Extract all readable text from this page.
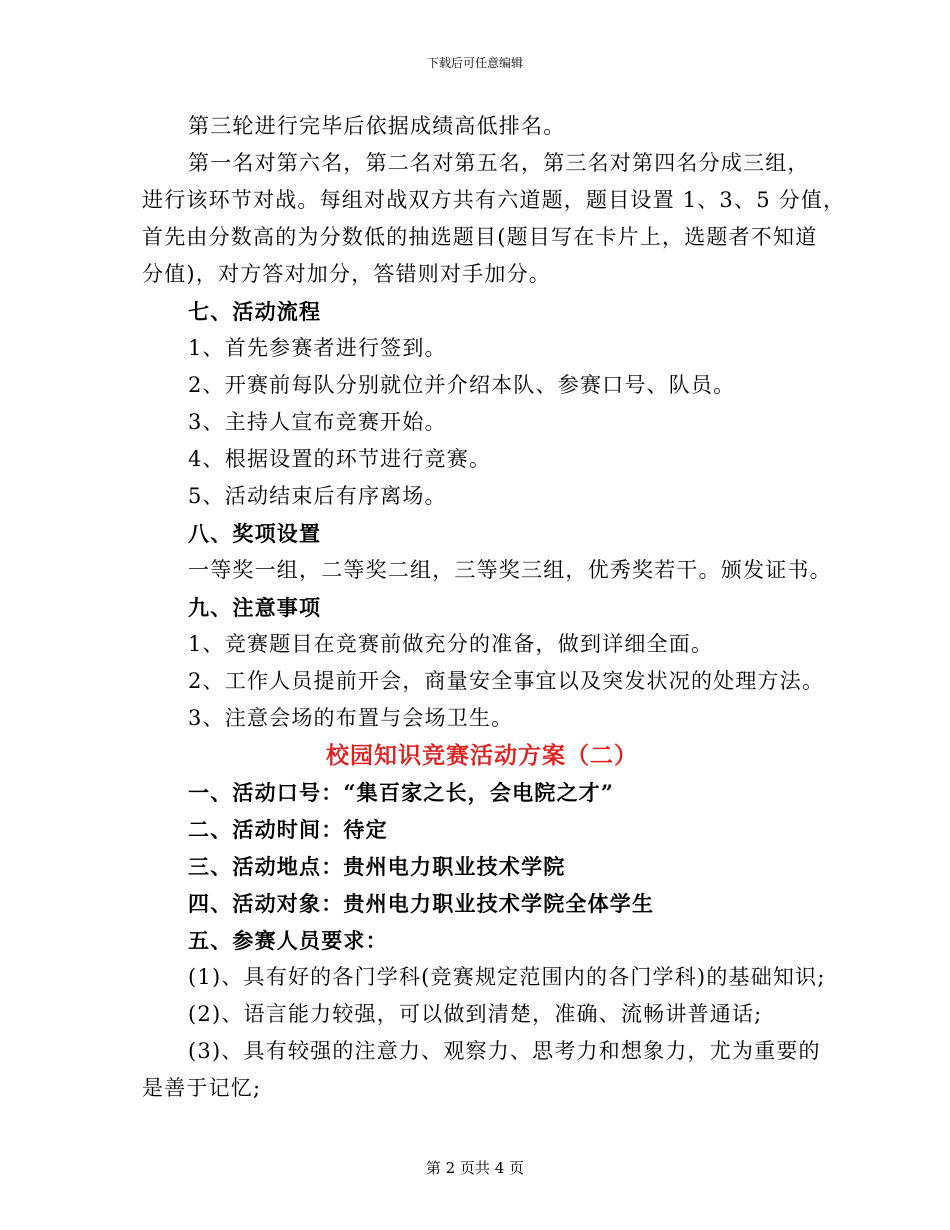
下载后可任意编辑

第三轮进行完毕后依据成绩高低排名。

第一名对第六名，第二名对第五名，第三名对第四名分成三组，

进行该环节对战。每组对战双方共有六道题，题目设置 1、3、5 分值，

首先由分数高的为分数低的抽选题目(题目写在卡片上，选题者不知道

分值)，对方答对加分，答错则对手加分。

七、活动流程

1、首先参赛者进行签到。

2、开赛前每队分别就位并介绍本队、参赛口号、队员。

3、主持人宣布竞赛开始。

4、根据设置的环节进行竞赛。

5、活动结束后有序离场。

八、奖项设置

一等奖一组，二等奖二组，三等奖三组，优秀奖若干。颁发证书。

九、注意事项

1、竞赛题目在竞赛前做充分的准备，做到详细全面。

2、工作人员提前开会，商量安全事宜以及突发状况的处理方法。

3、注意会场的布置与会场卫生。

校园知识竞赛活动方案（二）

一、活动口号：“集百家之长，会电院之才”

二、活动时间：待定

三、活动地点：贵州电力职业技术学院

四、活动对象：贵州电力职业技术学院全体学生

五、参赛人员要求：

(1)、具有好的各门学科(竞赛规定范围内的各门学科)的基础知识;

(2)、语言能力较强，可以做到清楚，准确、流畅讲普通话;

(3)、具有较强的注意力、观察力、思考力和想象力，尤为重要的

是善于记忆;

第 2 页共 4 页
